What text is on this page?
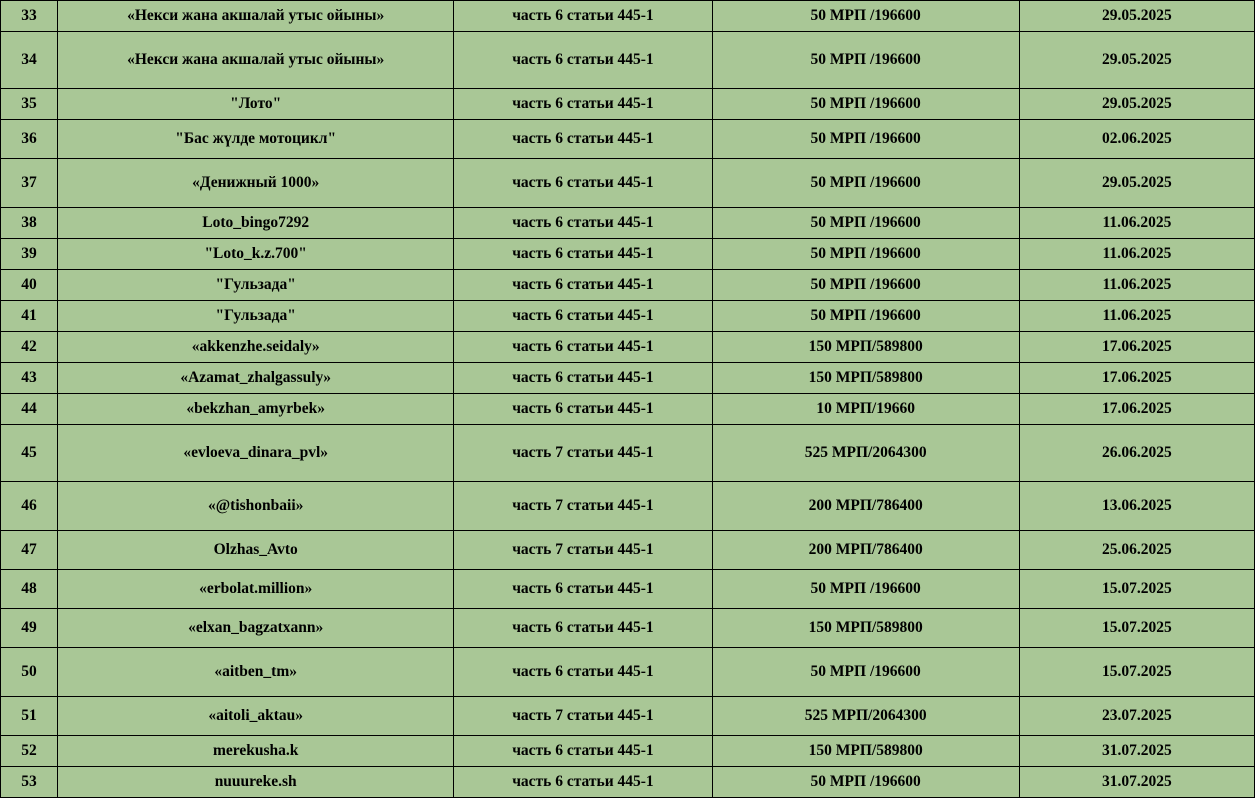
33	«Некси жана акшалай утыс ойыны»	часть 6 статьи 445-1	50 МРП /196600	29.05.2025
34	«Некси жана акшалай утыс ойыны»	часть 6 статьи 445-1	50 МРП /196600	29.05.2025
35	"Лото"	часть 6 статьи 445-1	50 МРП /196600	29.05.2025
36	"Бас жүлде мотоцикл"	часть 6 статьи 445-1	50 МРП /196600	02.06.2025
37	«Денижный 1000»	часть 6 статьи 445-1	50 МРП /196600	29.05.2025
38	Loto_bingo7292	часть 6 статьи 445-1	50 МРП /196600	11.06.2025
39	"Loto_k.z.700"	часть 6 статьи 445-1	50 МРП /196600	11.06.2025
40	"Гульзада"	часть 6 статьи 445-1	50 МРП /196600	11.06.2025
41	"Гульзада"	часть 6 статьи 445-1	50 МРП /196600	11.06.2025
42	«akkenzhe.seidaly»	часть 6 статьи 445-1	150 МРП/589800	17.06.2025
43	«Azamat_zhalgassuly»	часть 6 статьи 445-1	150 МРП/589800	17.06.2025
44	«bekzhan_amyrbek»	часть 6 статьи 445-1	10 МРП/19660	17.06.2025
45	«evloeva_dinara_pvl»	часть 7 статьи 445-1	525 МРП/2064300	26.06.2025
46	«@tishonbaii»	часть 7 статьи 445-1	200 МРП/786400	13.06.2025
47	Olzhas_Avto	часть 7 статьи 445-1	200 МРП/786400	25.06.2025
48	«erbolat.million»	часть 6 статьи 445-1	50 МРП /196600	15.07.2025
49	«elxan_bagzatxann»	часть 6 статьи 445-1	150 МРП/589800	15.07.2025
50	«aitben_tm»	часть 6 статьи 445-1	50 МРП /196600	15.07.2025
51	«aitoli_aktau»	часть 7 статьи 445-1	525 МРП/2064300	23.07.2025
52	merekusha.k	часть 6 статьи 445-1	150 МРП/589800	31.07.2025
53	nuuureke.sh	часть 6 статьи 445-1	50 МРП /196600	31.07.2025
